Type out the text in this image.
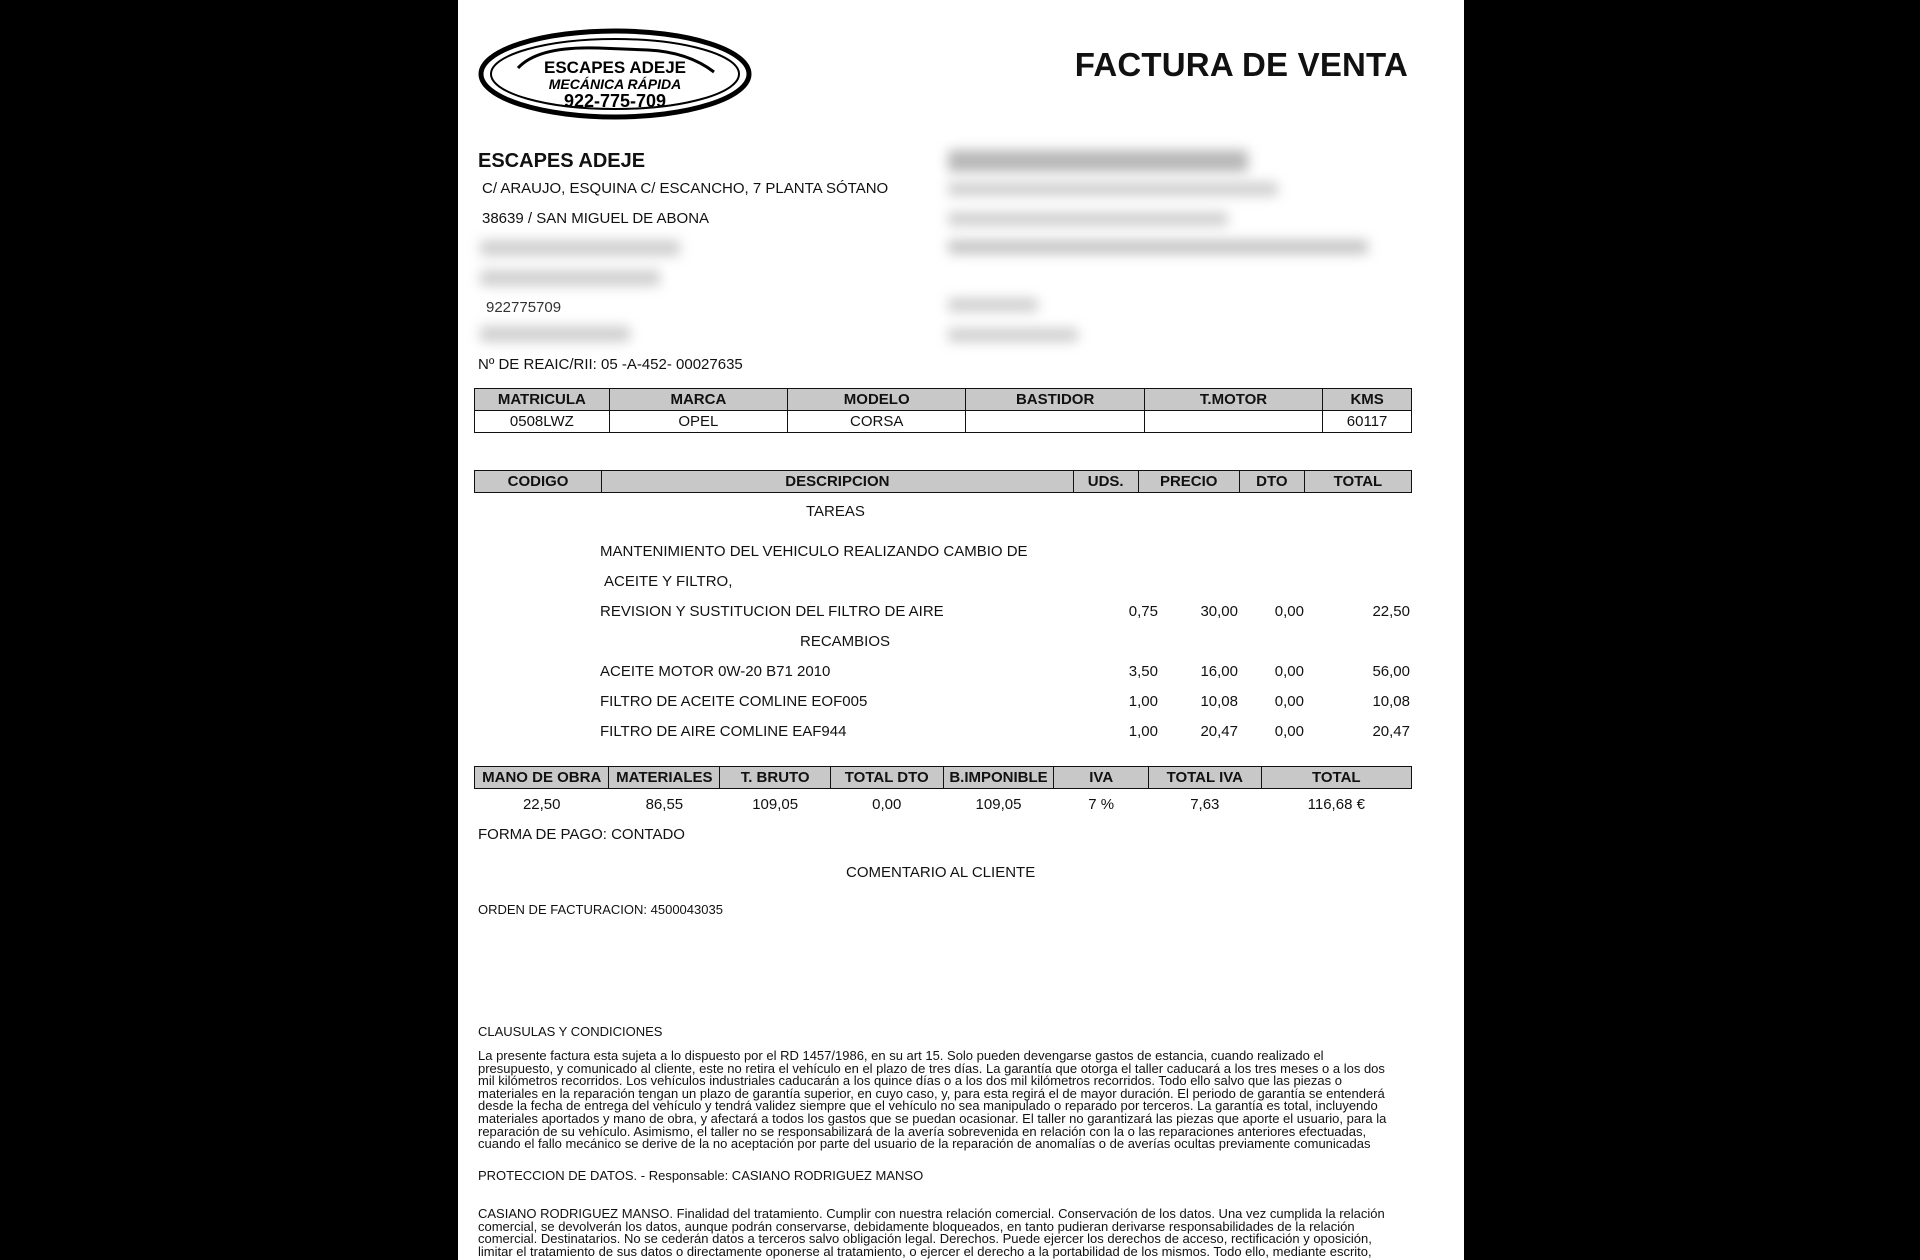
ESCAPES ADEJE
MECÁNICA RÁPIDA
922-775-709
FACTURA DE VENTA
ESCAPES ADEJE
C/ ARAUJO, ESQUINA C/ ESCANCHO, 7 PLANTA SÓTANO
38639 / SAN MIGUEL DE ABONA
922775709
Nº DE REAIC/RII: 05 -A-452- 00027635
MATRICULA	MARCA	MODELO	BASTIDOR	T.MOTOR	KMS
0508LWZ	OPEL	CORSA			60117
CODIGO	DESCRIPCION	UDS.	PRECIO	DTO	TOTAL
TAREAS
MANTENIMIENTO DEL VEHICULO REALIZANDO CAMBIO DE
ACEITE Y FILTRO,
REVISION Y SUSTITUCION DEL FILTRO DE AIRE	0,75	30,00	0,00	22,50
RECAMBIOS
ACEITE MOTOR 0W-20 B71 2010	3,50	16,00	0,00	56,00
FILTRO DE ACEITE COMLINE EOF005	1,00	10,08	0,00	10,08
FILTRO DE AIRE COMLINE EAF944	1,00	20,47	0,00	20,47
MANO DE OBRA	MATERIALES	T. BRUTO	TOTAL DTO	B.IMPONIBLE	IVA	TOTAL IVA	TOTAL
22,50	86,55	109,05	0,00	109,05	7 %	7,63	116,68 €
FORMA DE PAGO: CONTADO
COMENTARIO AL CLIENTE
ORDEN DE FACTURACION: 4500043035
CLAUSULAS Y CONDICIONES
La presente factura esta sujeta a lo dispuesto por el RD 1457/1986, en su art 15. Solo pueden devengarse gastos de estancia, cuando realizado el
presupuesto, y comunicado al cliente, este no retira el vehículo en el plazo de tres días. La garantía que otorga el taller caducará a los tres meses o a los dos
mil kilómetros recorridos. Los vehículos industriales caducarán a los quince días o a los dos mil kilómetros recorridos. Todo ello salvo que las piezas o
materiales en la reparación tengan un plazo de garantía superior, en cuyo caso, y, para esta regirá el de mayor duración. El periodo de garantía se entenderá
desde la fecha de entrega del vehículo y tendrá validez siempre que el vehículo no sea manipulado o reparado por terceros. La garantía es total, incluyendo
materiales aportados y mano de obra, y afectará a todos los gastos que se puedan ocasionar. El taller no garantizará las piezas que aporte el usuario, para la
reparación de su vehículo. Asimismo, el taller no se responsabilizará de la avería sobrevenida en relación con la o las reparaciones anteriores efectuadas,
cuando el fallo mecánico se derive de la no aceptación por parte del usuario de la reparación de anomalías o de averías ocultas previamente comunicadas
PROTECCION DE DATOS. - Responsable: CASIANO RODRIGUEZ MANSO
CASIANO RODRIGUEZ MANSO. Finalidad del tratamiento. Cumplir con nuestra relación comercial. Conservación de los datos. Una vez cumplida la relación
comercial, se devolverán los datos, aunque podrán conservarse, debidamente bloqueados, en tanto pudieran derivarse responsabilidades de la relación
comercial. Destinatarios. No se cederán datos a terceros salvo obligación legal. Derechos. Puede ejercer los derechos de acceso, rectificación y oposición,
limitar el tratamiento de sus datos o directamente oponerse al tratamiento, o ejercer el derecho a la portabilidad de los mismos. Todo ello, mediante escrito,
